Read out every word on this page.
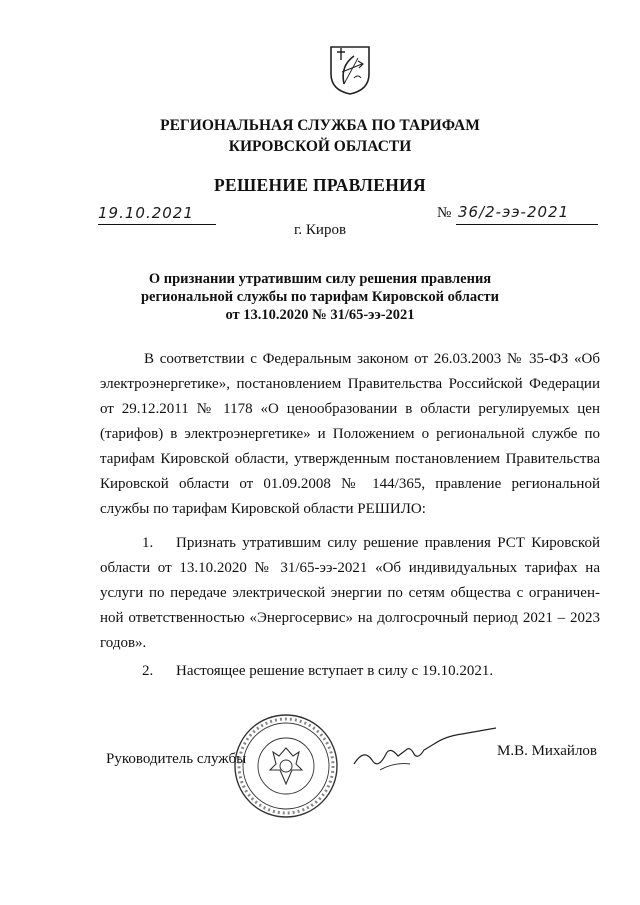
РЕГИОНАЛЬНАЯ СЛУЖБА ПО ТАРИФАМ
КИРОВСКОЙ ОБЛАСТИ
РЕШЕНИЕ ПРАВЛЕНИЯ
19.10.2021	№ 36/2-ээ-2021
г. Киров
О признании утратившим силу решения правления
региональной службы по тарифам Кировской области
от 13.10.2020 № 31/65-ээ-2021
В соответствии с Федеральным законом от 26.03.2003 № 35-ФЗ «Об электроэнергетике», постановлением Правительства Российской Федерации от 29.12.2011 № 1178 «О ценообразовании в области регулируемых цен (тарифов) в электроэнергетике» и Положением о региональной службе по тарифам Кировской области, утвержденным постановлением Правительства Кировской области от 01.09.2008 № 144/365, правление региональной службы по тарифам Кировской области РЕШИЛО:
1. Признать утратившим силу решение правления РСТ Кировской области от 13.10.2020 № 31/65-ээ-2021 «Об индивидуальных тарифах на услуги по передаче электрической энергии по сетям общества с ограничен- ной ответственностью «Энергосервис» на долгосрочный период 2021 – 2023 годов».
2. Настоящее решение вступает в силу с 19.10.2021.
Руководитель службы	М.В. Михайлов
